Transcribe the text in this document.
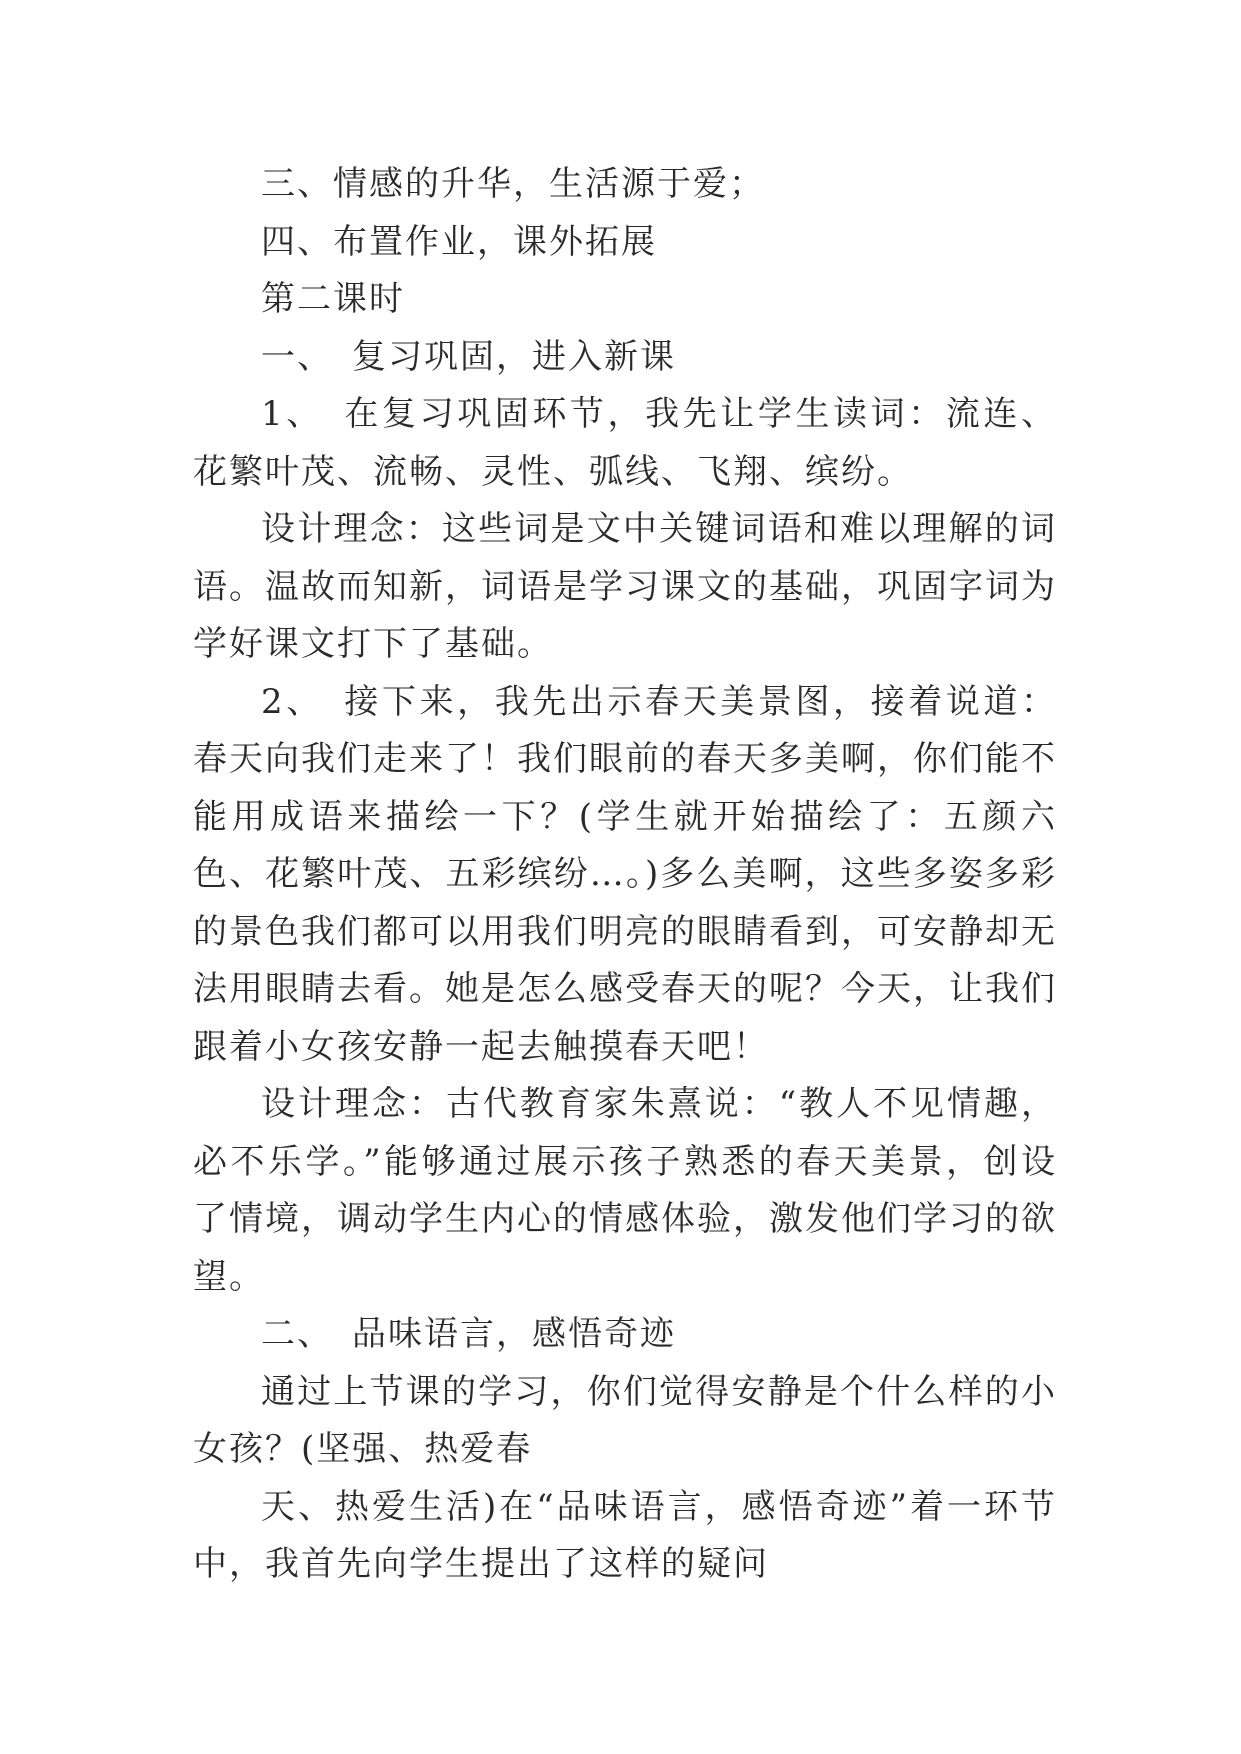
三、情感的升华，生活源于爱；

四、布置作业，课外拓展

第二课时

一、　复习巩固，进入新课

1、　在复习巩固环节，我先让学生读词：流连、花繁叶茂、流畅、灵性、弧线、飞翔、缤纷。

设计理念：这些词是文中关键词语和难以理解的词语。温故而知新，词语是学习课文的基础，巩固字词为学好课文打下了基础。

2、　接下来，我先出示春天美景图，接着说道：春天向我们走来了！我们眼前的春天多美啊，你们能不能用成语来描绘一下？(学生就开始描绘了：五颜六色、花繁叶茂、五彩缤纷…。)多么美啊，这些多姿多彩的景色我们都可以用我们明亮的眼睛看到，可安静却无法用眼睛去看。她是怎么感受春天的呢？今天，让我们跟着小女孩安静一起去触摸春天吧！

设计理念：古代教育家朱熹说：“教人不见情趣，必不乐学。”能够通过展示孩子熟悉的春天美景，创设了情境，调动学生内心的情感体验，激发他们学习的欲望。

二、　品味语言，感悟奇迹

通过上节课的学习，你们觉得安静是个什么样的小女孩？(坚强、热爱春

天、热爱生活)在“品味语言，感悟奇迹”着一环节中，我首先向学生提出了这样的疑问
